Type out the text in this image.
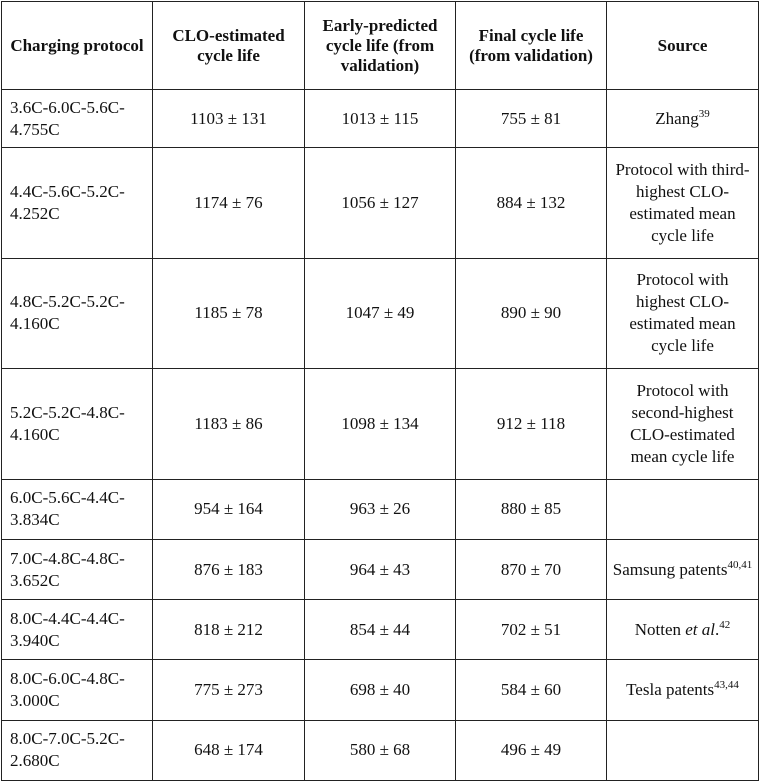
Charging protocol	CLO-estimated cycle life	Early-predicted cycle life (from validation)	Final cycle life (from validation)	Source
3.6C-6.0C-5.6C-4.755C	1103 ± 131	1013 ± 115	755 ± 81	Zhang$^{39}$
4.4C-5.6C-5.2C-4.252C	1174 ± 76	1056 ± 127	884 ± 132	Protocol with third-highest CLO-estimated mean cycle life
4.8C-5.2C-5.2C-4.160C	1185 ± 78	1047 ± 49	890 ± 90	Protocol with highest CLO-estimated mean cycle life
5.2C-5.2C-4.8C-4.160C	1183 ± 86	1098 ± 134	912 ± 118	Protocol with second-highest CLO-estimated mean cycle life
6.0C-5.6C-4.4C-3.834C	954 ± 164	963 ± 26	880 ± 85	
7.0C-4.8C-4.8C-3.652C	876 ± 183	964 ± 43	870 ± 70	Samsung patents$^{40,41}$
8.0C-4.4C-4.4C-3.940C	818 ± 212	854 ± 44	702 ± 51	Notten et al.$^{42}$
8.0C-6.0C-4.8C-3.000C	775 ± 273	698 ± 40	584 ± 60	Tesla patents$^{43,44}$
8.0C-7.0C-5.2C-2.680C	648 ± 174	580 ± 68	496 ± 49	
